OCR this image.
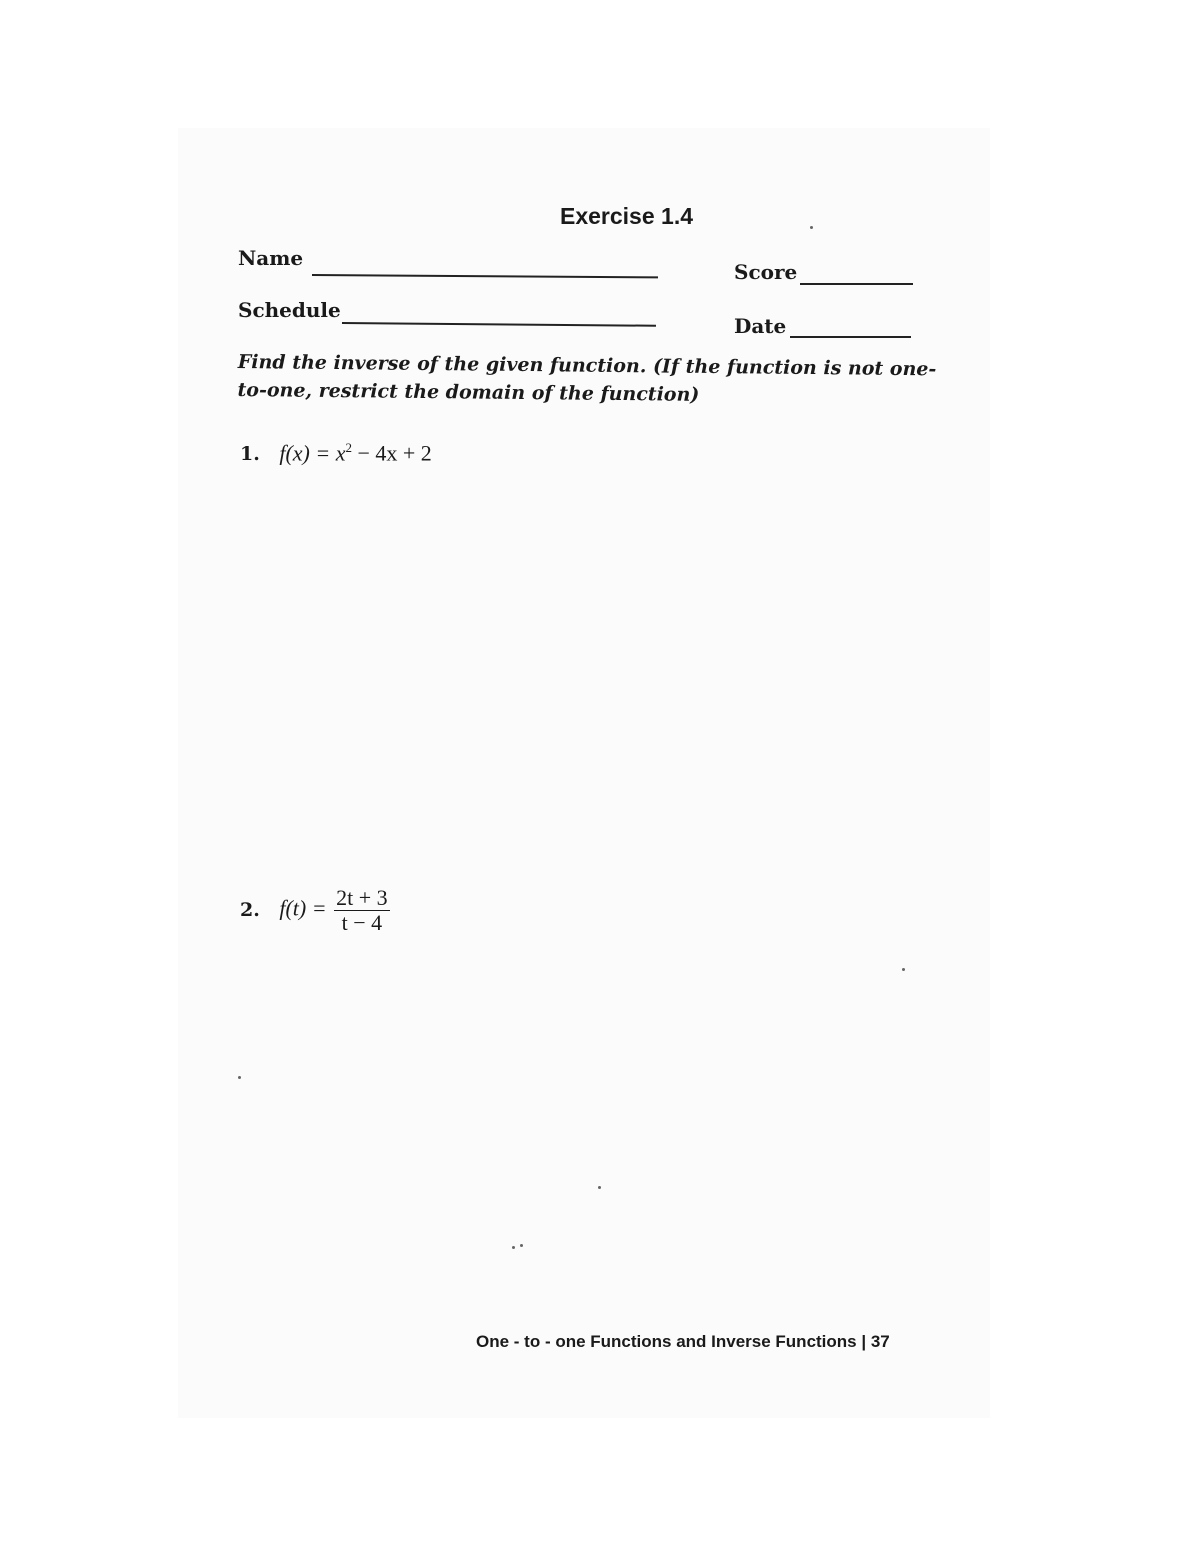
Exercise 1.4
Name
Score
Schedule
Date
Find the inverse of the given function. (If the function is not one-to-one, restrict the domain of the function)
1. $f(x) = x^2 - 4x + 2$
2. $f(t) = \frac{2t + 3}{t - 4}$
One - to - one Functions and Inverse Functions | 37
